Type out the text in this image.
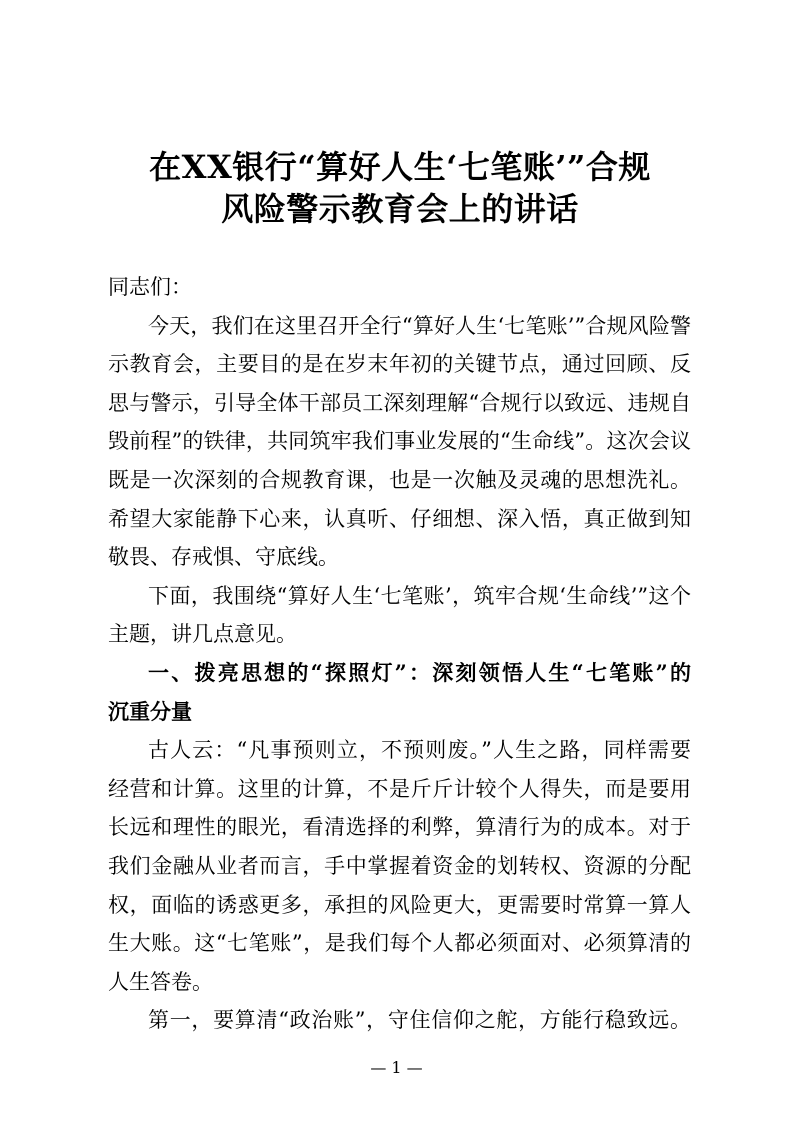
在XX银行“算好人生‘七笔账’”合规
风险警示教育会上的讲话
同志们：
今天，我们在这里召开全行“算好人生‘七笔账’”合规风险警
示教育会，主要目的是在岁末年初的关键节点，通过回顾、反
思与警示，引导全体干部员工深刻理解“合规行以致远、违规自
毁前程”的铁律，共同筑牢我们事业发展的“生命线”。这次会议
既是一次深刻的合规教育课，也是一次触及灵魂的思想洗礼。
希望大家能静下心来，认真听、仔细想、深入悟，真正做到知
敬畏、存戒惧、守底线。
下面，我围绕“算好人生‘七笔账’，筑牢合规‘生命线’”这个
主题，讲几点意见。
一、拨亮思想的“探照灯”：深刻领悟人生“七笔账”的
沉重分量
古人云：“凡事预则立，不预则废。”人生之路，同样需要
经营和计算。这里的计算，不是斤斤计较个人得失，而是要用
长远和理性的眼光，看清选择的利弊，算清行为的成本。对于
我们金融从业者而言，手中掌握着资金的划转权、资源的分配
权，面临的诱惑更多，承担的风险更大，更需要时常算一算人
生大账。这“七笔账”，是我们每个人都必须面对、必须算清的
人生答卷。
第一，要算清“政治账”，守住信仰之舵，方能行稳致远。
— 1 —
